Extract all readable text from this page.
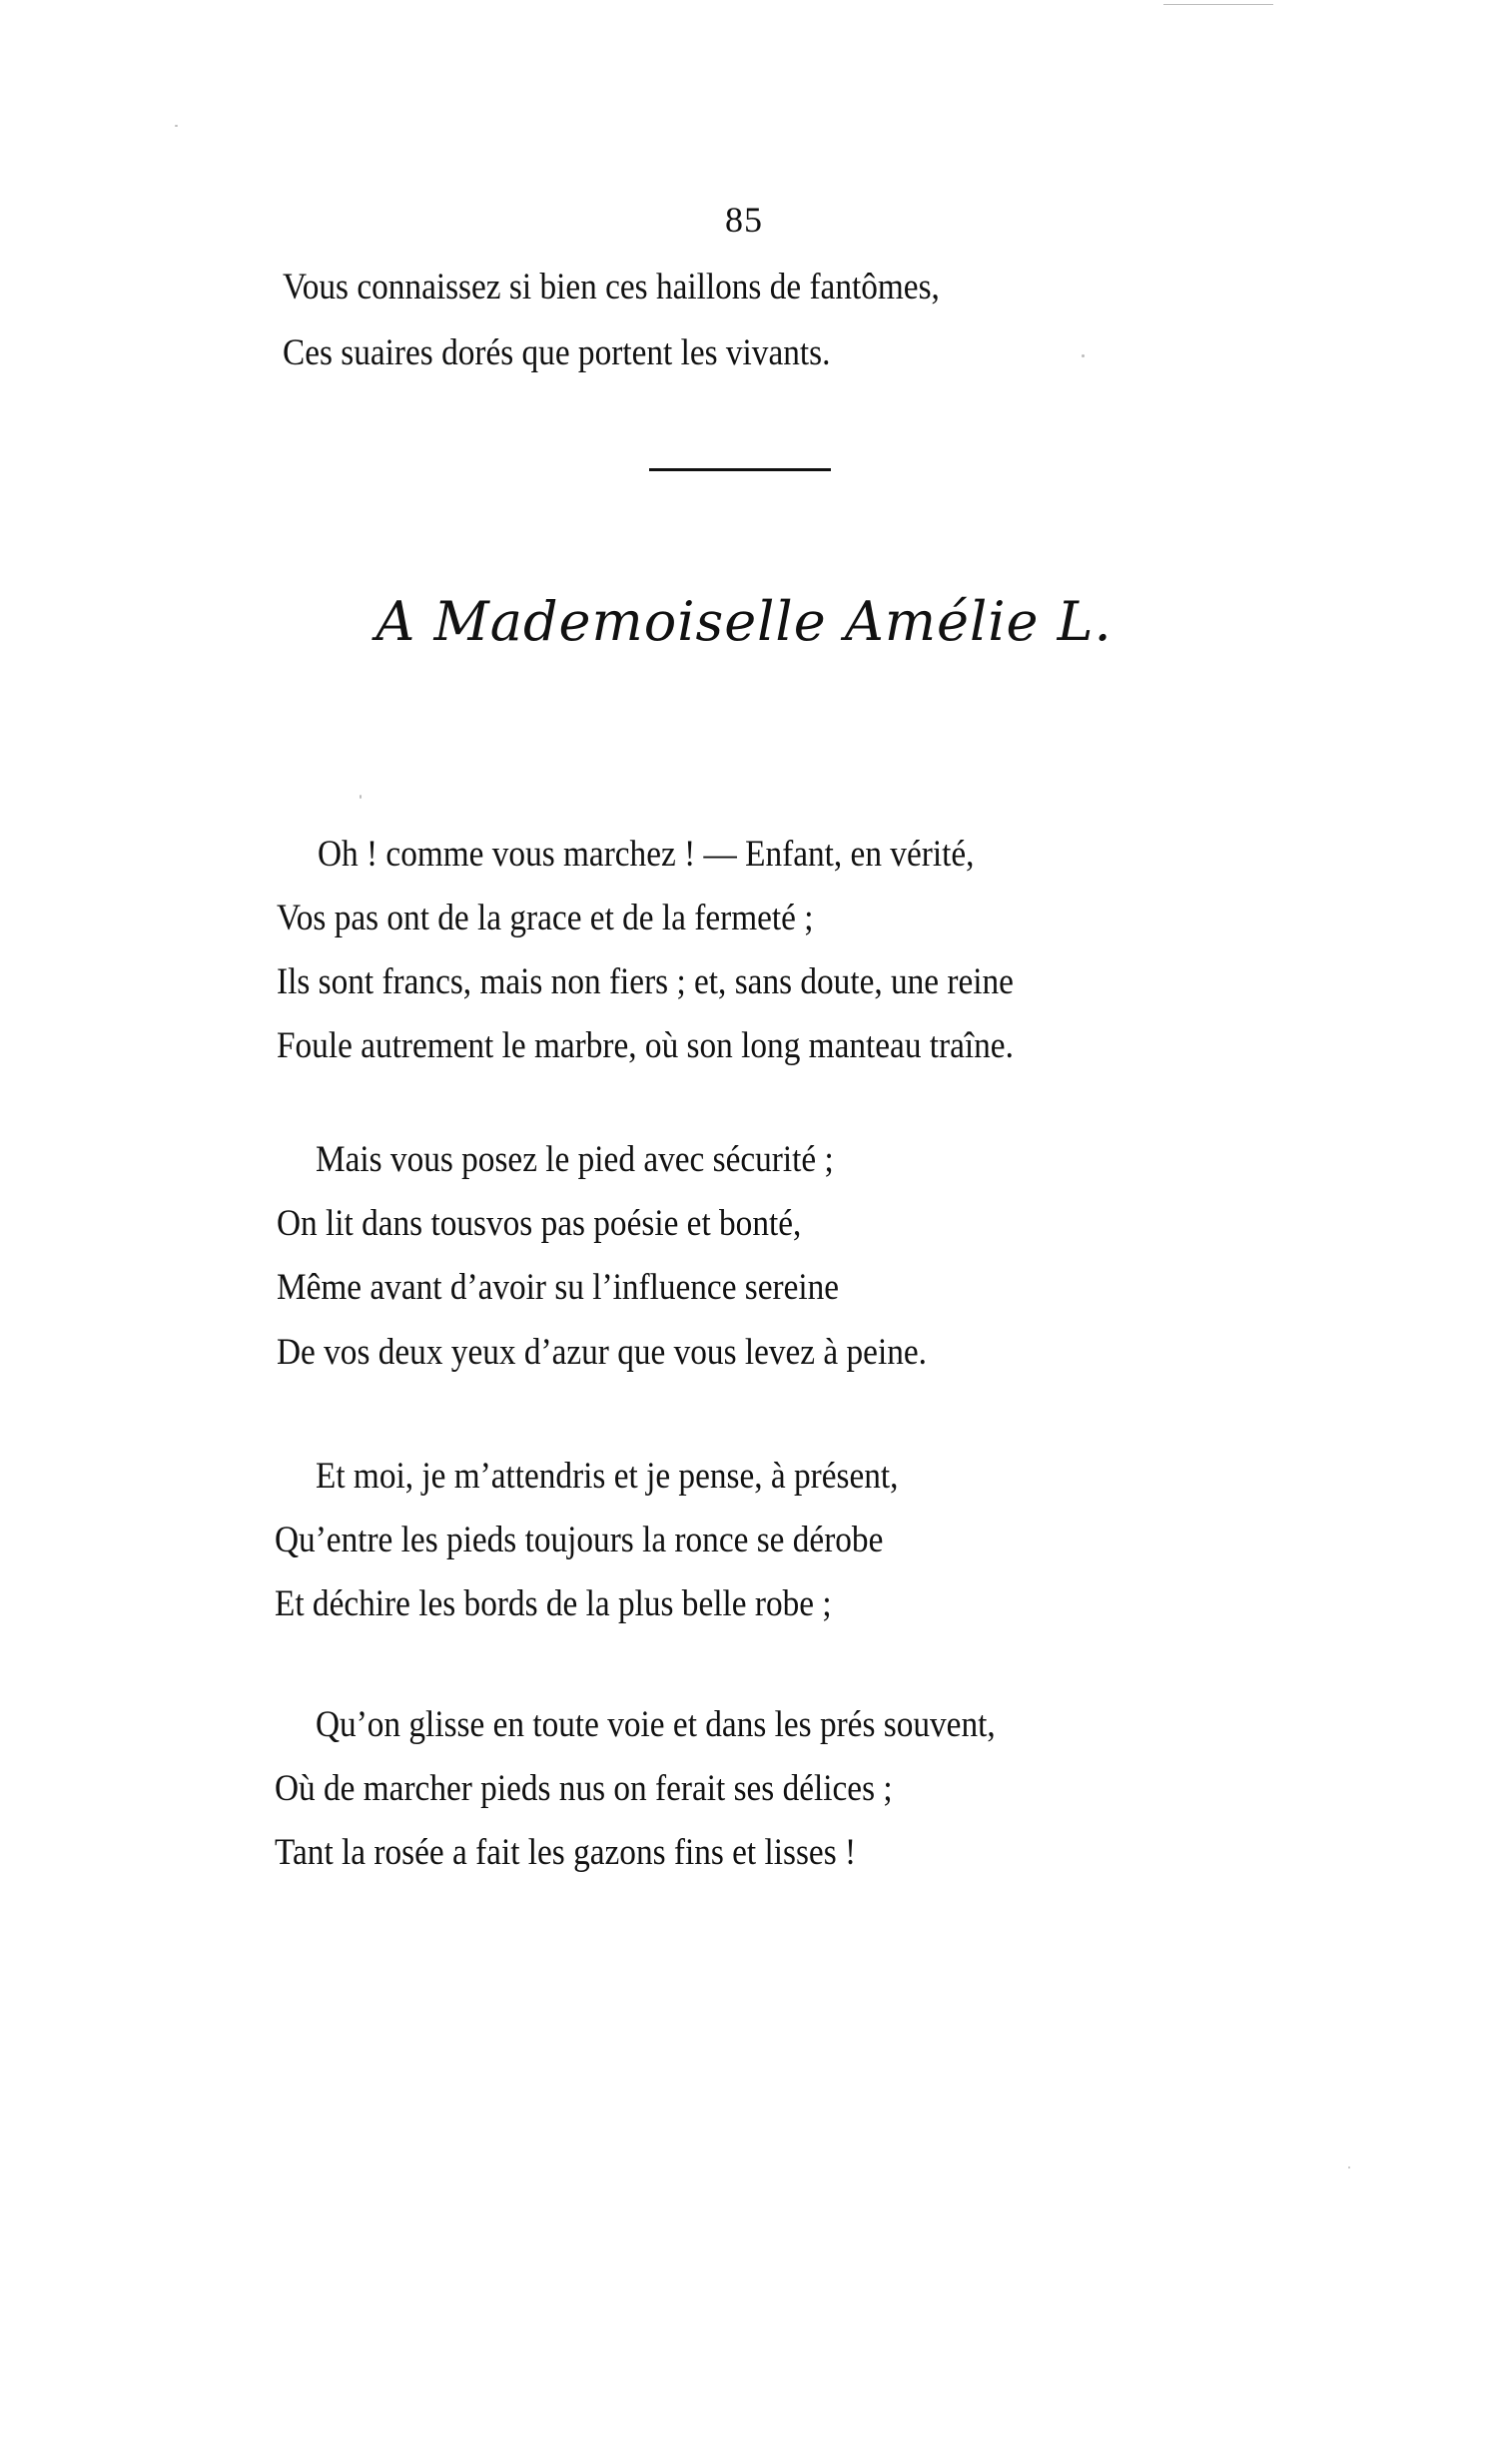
85
Vous connaissez si bien ces haillons de fantômes,
Ces suaires dorés que portent les vivants.
A Mademoiselle Amélie L.
Oh ! comme vous marchez ! — Enfant, en vérité,
Vos pas ont de la grace et de la fermeté ;
Ils sont francs, mais non fiers ; et, sans doute, une reine
Foule autrement le marbre, où son long manteau traîne.
Mais vous posez le pied avec sécurité ;
On lit dans tousvos pas poésie et bonté,
Même avant d’avoir su l’influence sereine
De vos deux yeux d’azur que vous levez à peine.
Et moi, je m’attendris et je pense, à présent,
Qu’entre les pieds toujours la ronce se dérobe
Et déchire les bords de la plus belle robe ;
Qu’on glisse en toute voie et dans les prés souvent,
Où de marcher pieds nus on ferait ses délices ;
Tant la rosée a fait les gazons fins et lisses !
